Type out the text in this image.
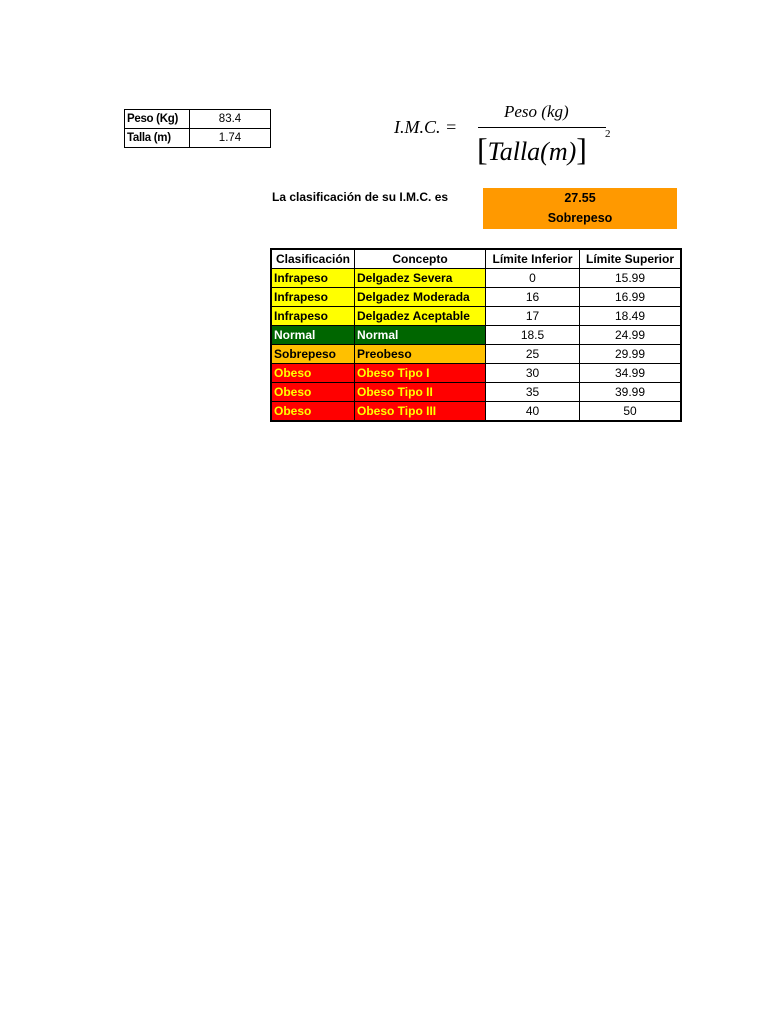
Peso (Kg)	83.4
Talla (m)	1.74
I.M.C. =
Peso (kg)
[Talla(m)] 2
La clasificación de su I.M.C. es	27.55
Sobrepeso
Clasificación	Concepto	Límite Inferior	Límite Superior
Infrapeso	Delgadez Severa	0	15.99
Infrapeso	Delgadez Moderada	16	16.99
Infrapeso	Delgadez Aceptable	17	18.49
Normal	Normal	18.5	24.99
Sobrepeso	Preobeso	25	29.99
Obeso	Obeso Tipo I	30	34.99
Obeso	Obeso Tipo II	35	39.99
Obeso	Obeso Tipo III	40	50
